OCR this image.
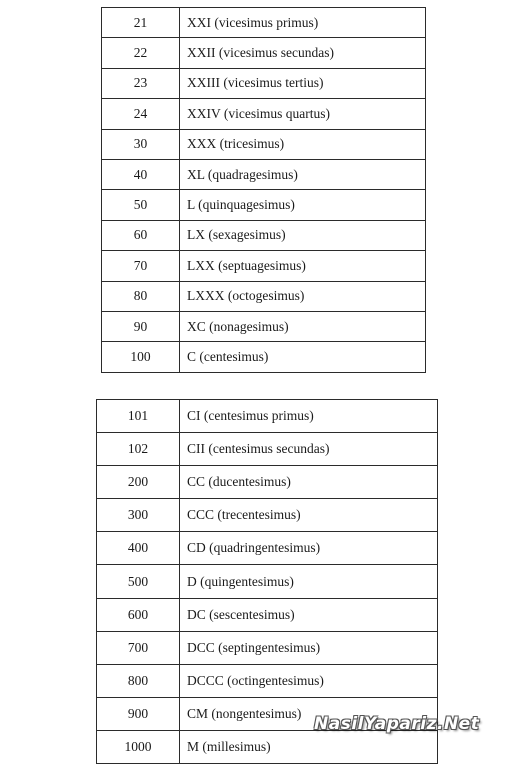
21	XXI (vicesimus primus)
22	XXII (vicesimus secundas)
23	XXIII (vicesimus tertius)
24	XXIV (vicesimus quartus)
30	XXX (tricesimus)
40	XL (quadragesimus)
50	L (quinquagesimus)
60	LX (sexagesimus)
70	LXX (septuagesimus)
80	LXXX (octogesimus)
90	XC (nonagesimus)
100	C (centesimus)
101	CI (centesimus primus)
102	CII (centesimus secundas)
200	CC (ducentesimus)
300	CCC (trecentesimus)
400	CD (quadringentesimus)
500	D (quingentesimus)
600	DC (sescentesimus)
700	DCC (septingentesimus)
800	DCCC (octingentesimus)
900	CM (nongentesimus)
1000	M (millesimus)
NasilYapariz.Net
